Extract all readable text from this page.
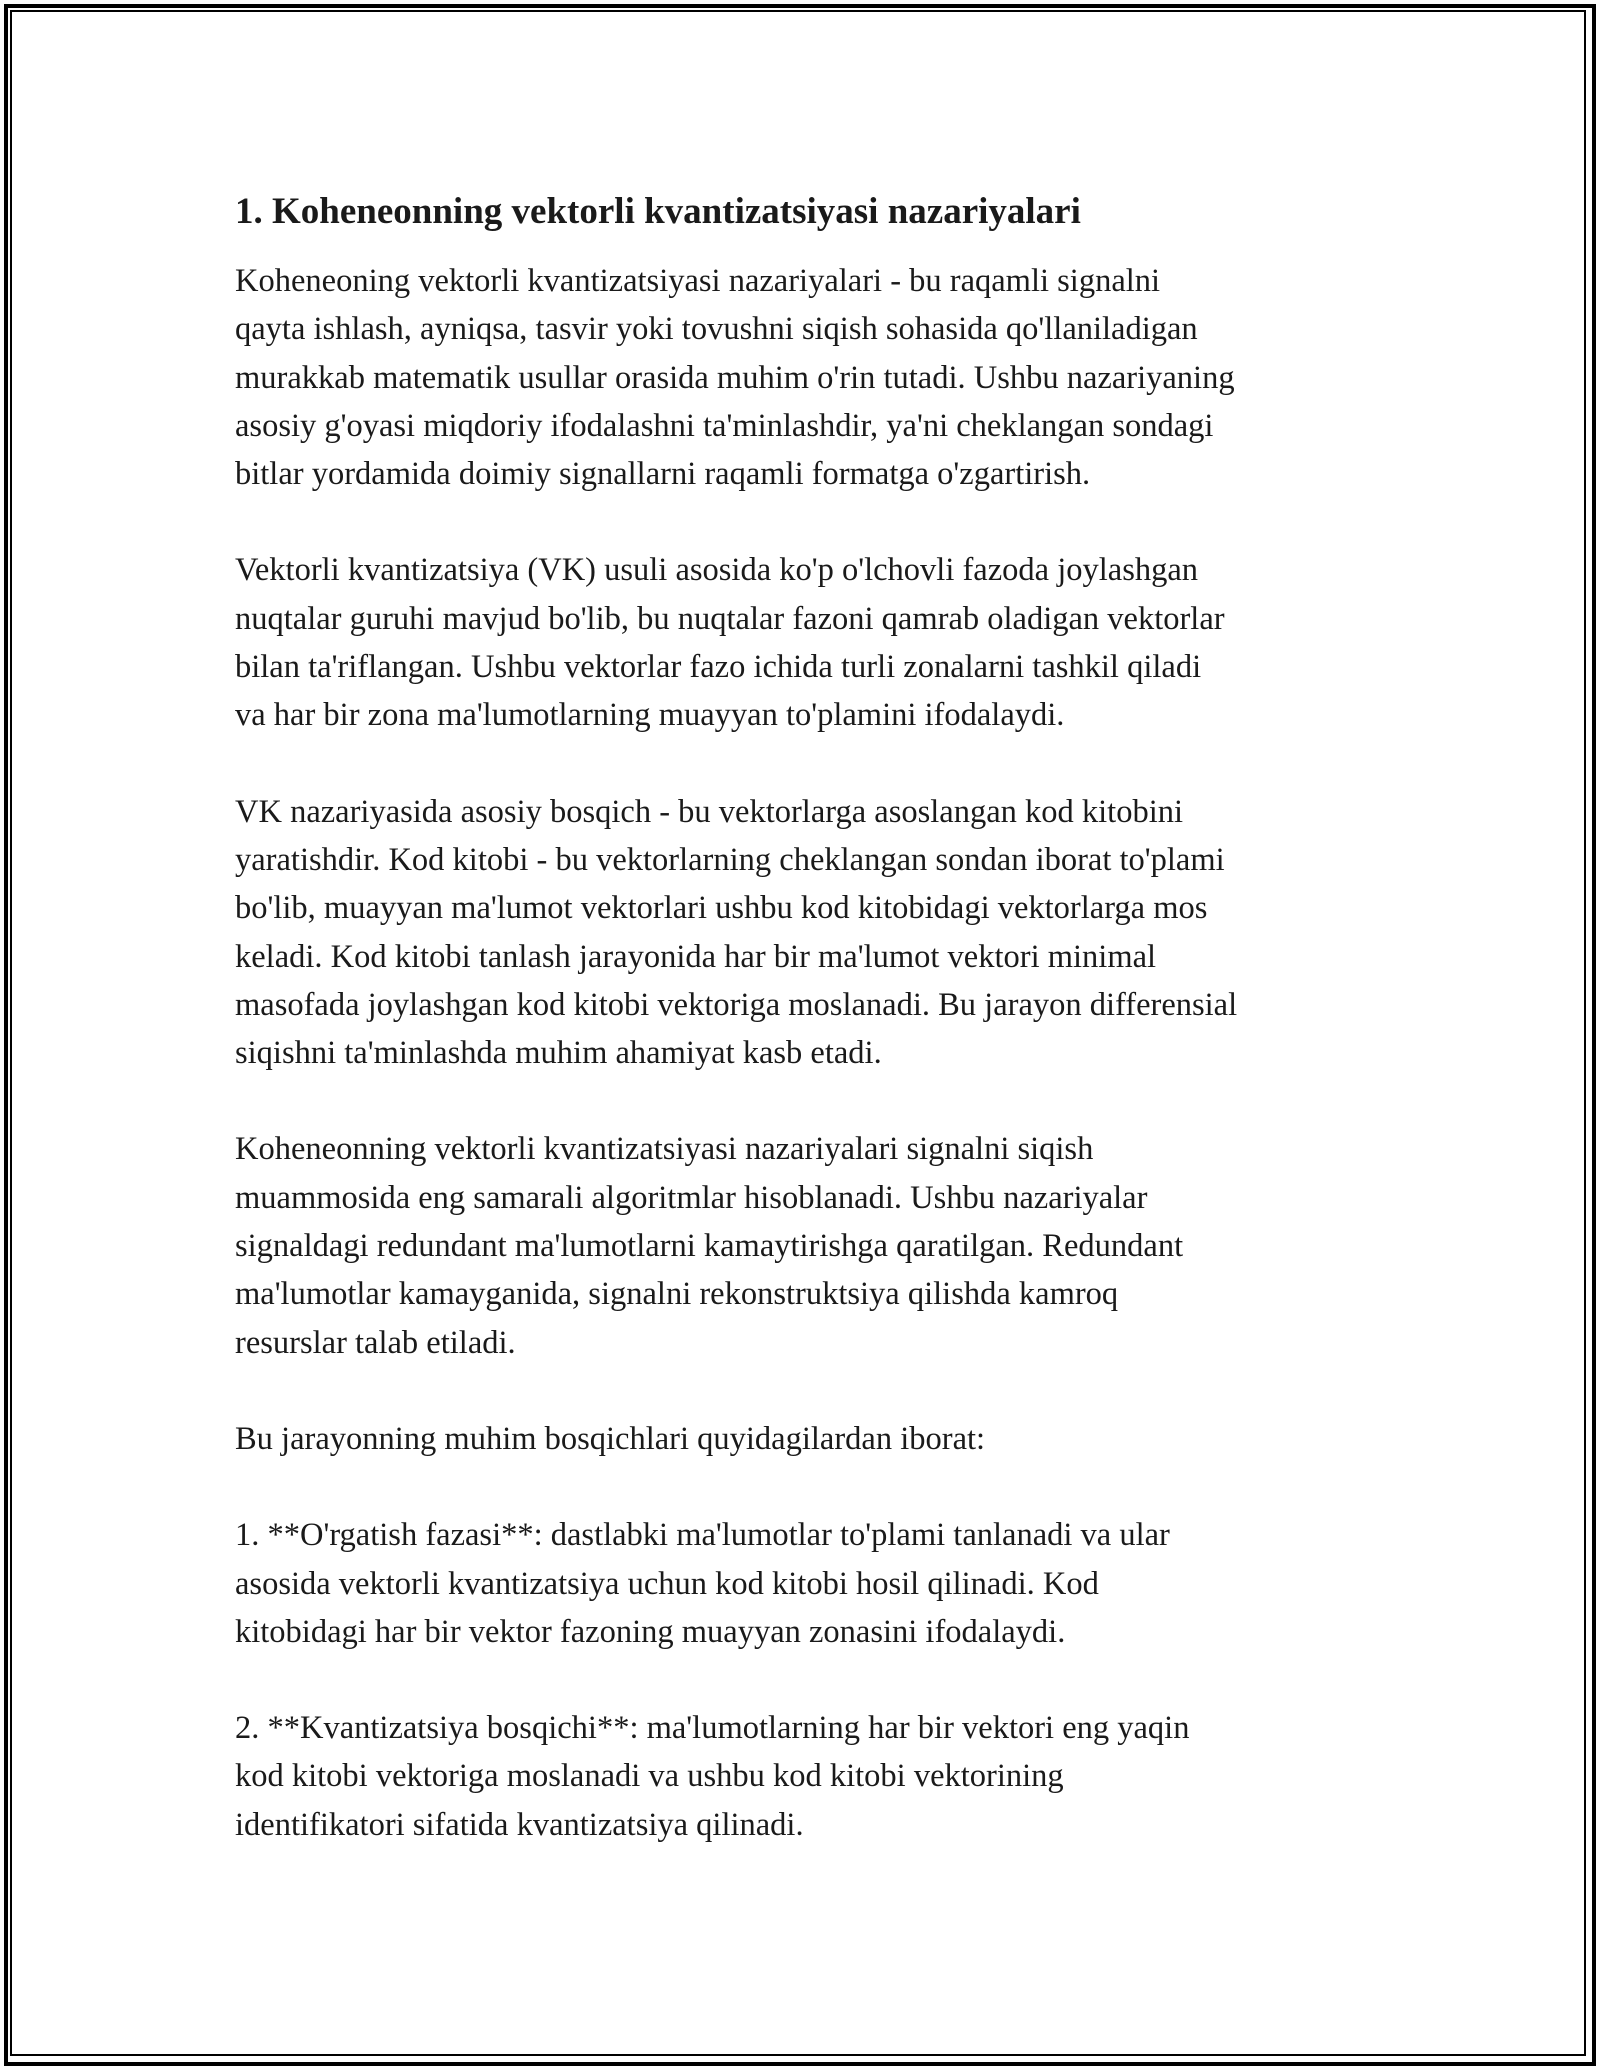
1. Koheneonning vektorli kvantizatsiyasi nazariyalari

Koheneoning vektorli kvantizatsiyasi nazariyalari - bu raqamli signalni
qayta ishlash, ayniqsa, tasvir yoki tovushni siqish sohasida qo'llaniladigan
murakkab matematik usullar orasida muhim o'rin tutadi. Ushbu nazariyaning
asosiy g'oyasi miqdoriy ifodalashni ta'minlashdir, ya'ni cheklangan sondagi
bitlar yordamida doimiy signallarni raqamli formatga o'zgartirish.

Vektorli kvantizatsiya (VK) usuli asosida ko'p o'lchovli fazoda joylashgan
nuqtalar guruhi mavjud bo'lib, bu nuqtalar fazoni qamrab oladigan vektorlar
bilan ta'riflangan. Ushbu vektorlar fazo ichida turli zonalarni tashkil qiladi
va har bir zona ma'lumotlarning muayyan to'plamini ifodalaydi.

VK nazariyasida asosiy bosqich - bu vektorlarga asoslangan kod kitobini
yaratishdir. Kod kitobi - bu vektorlarning cheklangan sondan iborat to'plami
bo'lib, muayyan ma'lumot vektorlari ushbu kod kitobidagi vektorlarga mos
keladi. Kod kitobi tanlash jarayonida har bir ma'lumot vektori minimal
masofada joylashgan kod kitobi vektoriga moslanadi. Bu jarayon differensial
siqishni ta'minlashda muhim ahamiyat kasb etadi.

Koheneonning vektorli kvantizatsiyasi nazariyalari signalni siqish
muammosida eng samarali algoritmlar hisoblanadi. Ushbu nazariyalar
signaldagi redundant ma'lumotlarni kamaytirishga qaratilgan. Redundant
ma'lumotlar kamayganida, signalni rekonstruktsiya qilishda kamroq
resurslar talab etiladi.

Bu jarayonning muhim bosqichlari quyidagilardan iborat:

1. **O'rgatish fazasi**: dastlabki ma'lumotlar to'plami tanlanadi va ular
asosida vektorli kvantizatsiya uchun kod kitobi hosil qilinadi. Kod
kitobidagi har bir vektor fazoning muayyan zonasini ifodalaydi.

2. **Kvantizatsiya bosqichi**: ma'lumotlarning har bir vektori eng yaqin
kod kitobi vektoriga moslanadi va ushbu kod kitobi vektorining
identifikatori sifatida kvantizatsiya qilinadi.
